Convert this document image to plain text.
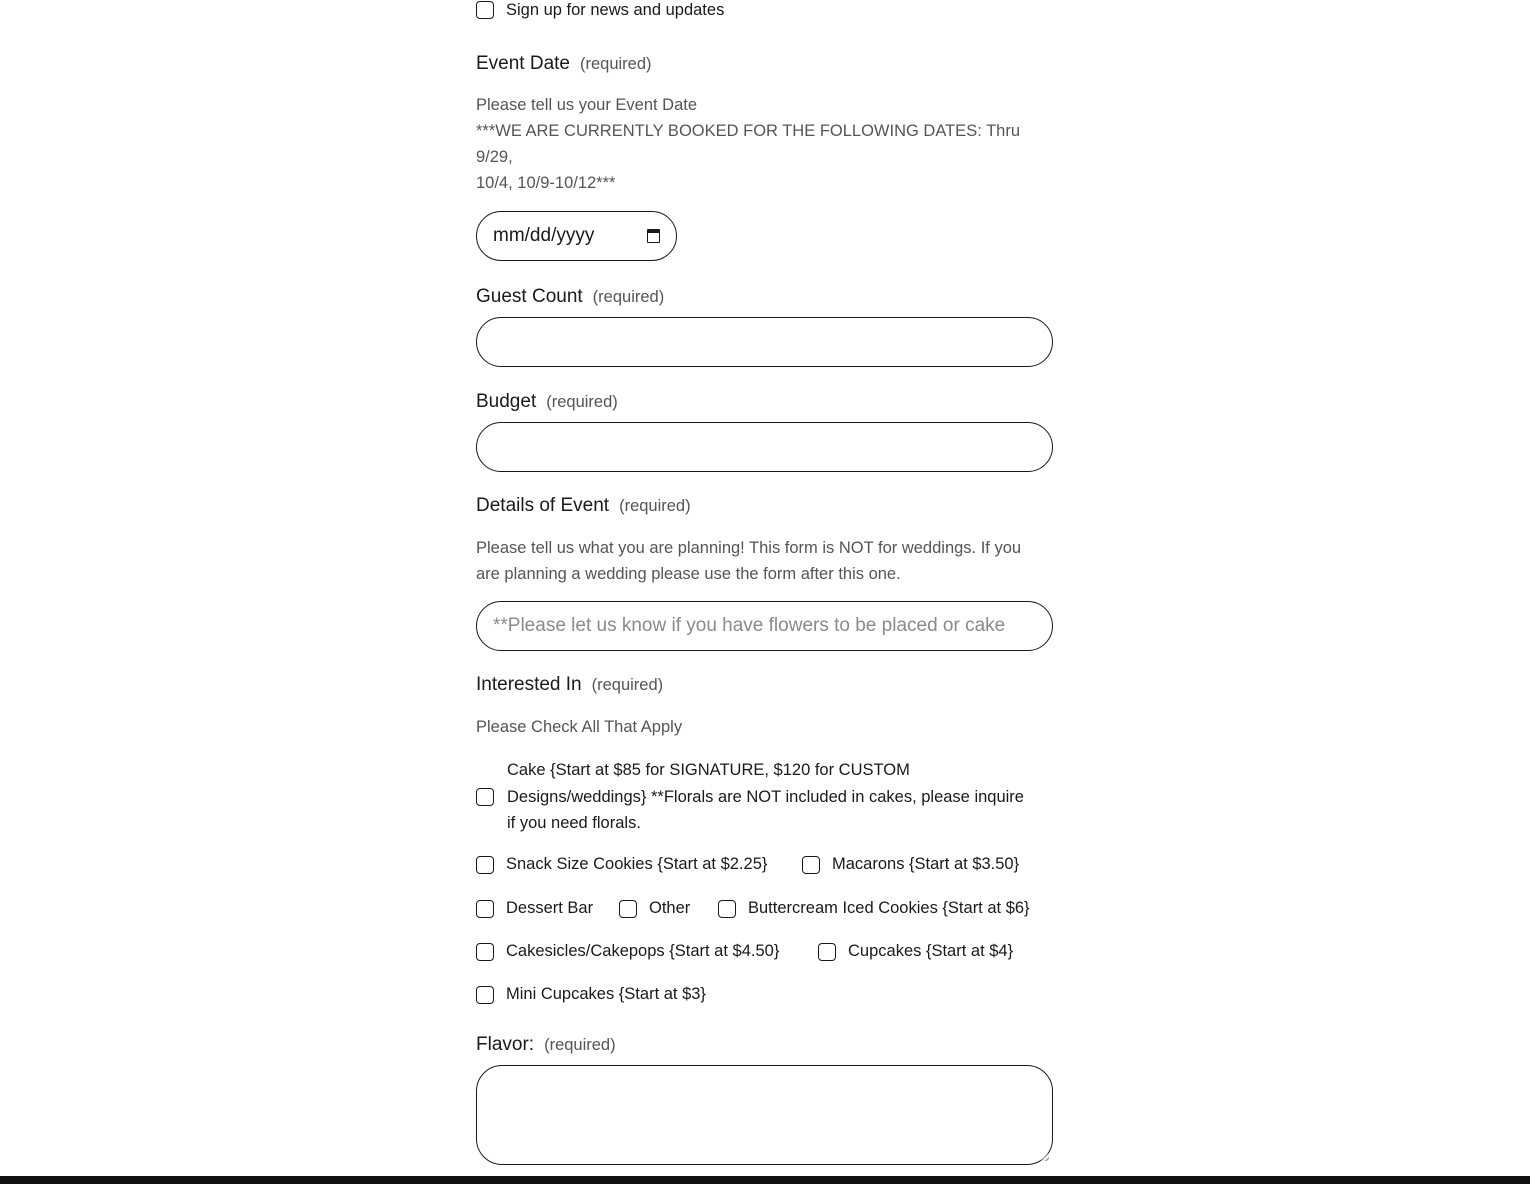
Sign up for news and updates
Event Date (required)
Please tell us your Event Date
***WE ARE CURRENTLY BOOKED FOR THE FOLLOWING DATES: Thru 9/29,
10/4, 10/9-10/12***
mm/dd/yyyy
Guest Count (required)
Budget (required)
Details of Event (required)
Please tell us what you are planning! This form is NOT for weddings. If you
are planning a wedding please use the form after this one.
**Please let us know if you have flowers to be placed or cake
Interested In (required)
Please Check All That Apply
Cake {Start at $85 for SIGNATURE, $120 for CUSTOM
Designs/weddings} **Florals are NOT included in cakes, please inquire
if you need florals.
Snack Size Cookies {Start at $2.25}	Macarons {Start at $3.50}
Dessert Bar	Other	Buttercream Iced Cookies {Start at $6}
Cakesicles/Cakepops {Start at $4.50}	Cupcakes {Start at $4}
Mini Cupcakes {Start at $3}
Flavor: (required)
